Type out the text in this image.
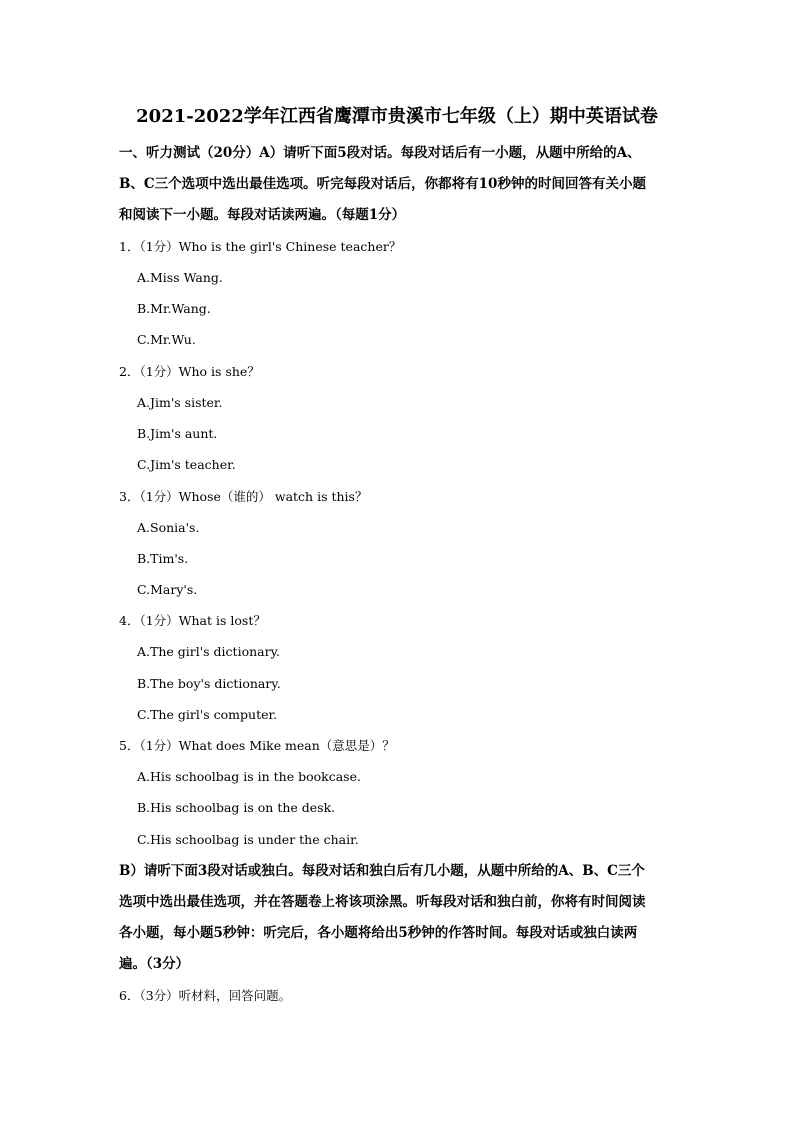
2021-2022学年江西省鹰潭市贵溪市七年级（上）期中英语试卷
一、听力测试（20分）A）请听下面5段对话。每段对话后有一小题，从题中所给的A、
B、C三个选项中选出最佳选项。听完每段对话后，你都将有10秒钟的时间回答有关小题
和阅读下一小题。每段对话读两遍。（每题1分）
1．（1分）Who is the girl's Chinese teacher？
A.Miss Wang.
B.Mr.Wang.
C.Mr.Wu.
2．（1分）Who is she？
A.Jim's sister.
B.Jim's aunt.
C.Jim's teacher.
3．（1分）Whose（谁的） watch is this？
A.Sonia's.
B.Tim's.
C.Mary's.
4．（1分）What is lost？
A.The girl's dictionary.
B.The boy's dictionary.
C.The girl's computer.
5．（1分）What does Mike mean（意思是）？
A.His schoolbag is in the bookcase.
B.His schoolbag is on the desk.
C.His schoolbag is under the chair.
B）请听下面3段对话或独白。每段对话和独白后有几小题，从题中所给的A、B、C三个
选项中选出最佳选项，并在答题卷上将该项涂黑。听每段对话和独白前，你将有时间阅读
各小题，每小题5秒钟：听完后，各小题将给出5秒钟的作答时间。每段对话或独白读两
遍。（3分）
6．（3分）听材料，回答问题。
